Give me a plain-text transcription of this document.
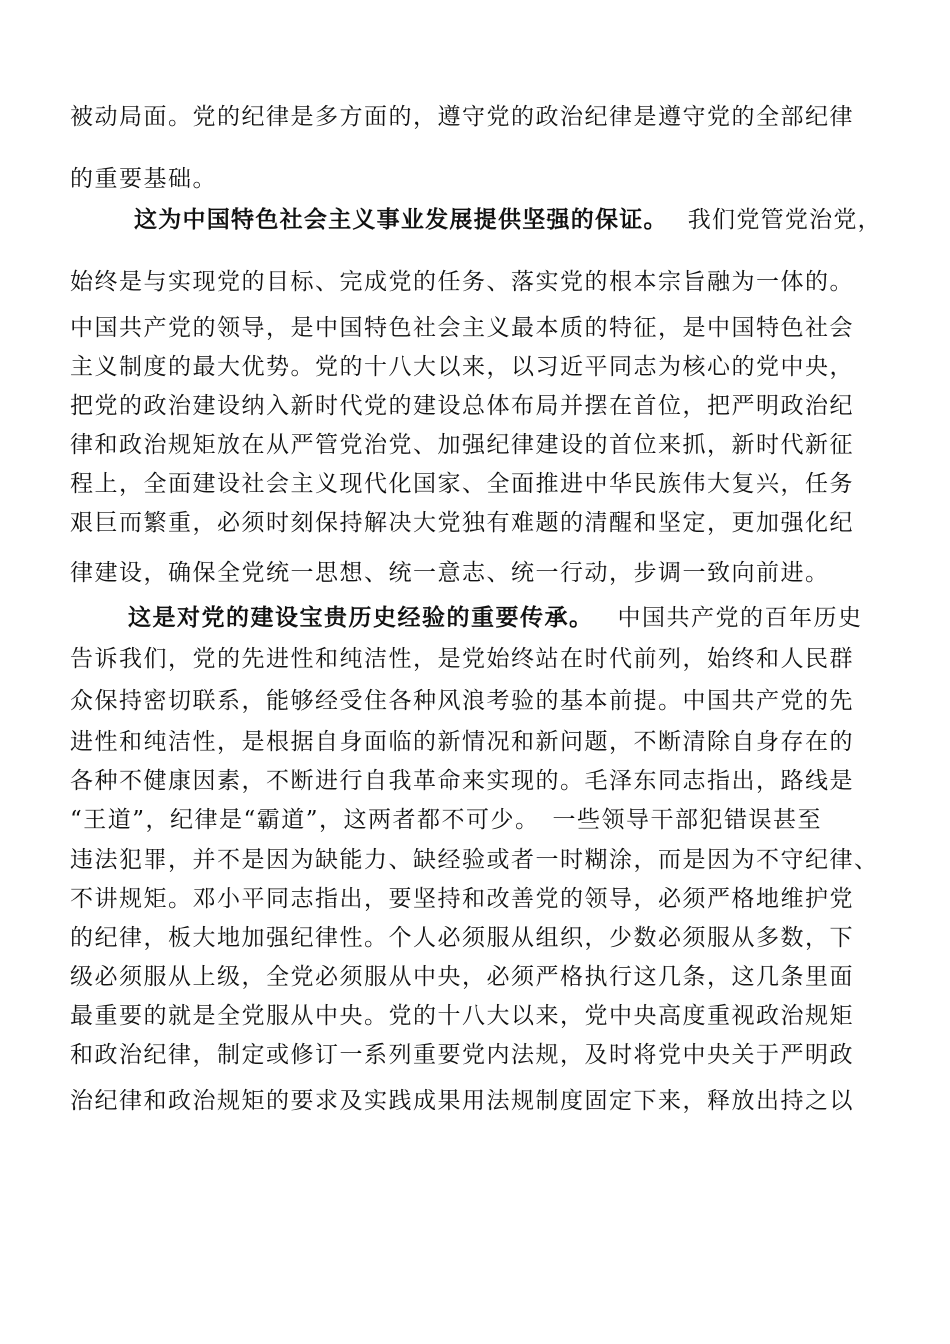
被动局面。党的纪律是多方面的，遵守党的政治纪律是遵守党的全部纪律
的重要基础。
这为中国特色社会主义事业发展提供坚强的保证。 我们党管党治党，
始终是与实现党的目标、完成党的任务、落实党的根本宗旨融为一体的。
中国共产党的领导，是中国特色社会主义最本质的特征，是中国特色社会
主义制度的最大优势。党的十八大以来，以习近平同志为核心的党中央，
把党的政治建设纳入新时代党的建设总体布局并摆在首位，把严明政治纪
律和政治规矩放在从严管党治党、加强纪律建设的首位来抓，新时代新征
程上，全面建设社会主义现代化国家、全面推进中华民族伟大复兴，任务
艰巨而繁重，必须时刻保持解决大党独有难题的清醒和坚定，更加强化纪
律建设，确保全党统一思想、统一意志、统一行动，步调一致向前进。
这是对党的建设宝贵历史经验的重要传承。 中国共产党的百年历史
告诉我们，党的先进性和纯洁性，是党始终站在时代前列，始终和人民群
众保持密切联系，能够经受住各种风浪考验的基本前提。中国共产党的先
进性和纯洁性，是根据自身面临的新情况和新问题，不断清除自身存在的
各种不健康因素，不断进行自我革命来实现的。毛泽东同志指出，路线是
“王道”，纪律是“霸道”，这两者都不可少。　一些领导干部犯错误甚至
违法犯罪，并不是因为缺能力、缺经验或者一时糊涂，而是因为不守纪律、
不讲规矩。邓小平同志指出，要坚持和改善党的领导，必须严格地维护党
的纪律，板大地加强纪律性。个人必须服从组织，少数必须服从多数，下
级必须服从上级，全党必须服从中央，必须严格执行这几条，这几条里面
最重要的就是全党服从中央。党的十八大以来，党中央高度重视政治规矩
和政治纪律，制定或修订一系列重要党内法规，及时将党中央关于严明政
治纪律和政治规矩的要求及实践成果用法规制度固定下来，释放出持之以
